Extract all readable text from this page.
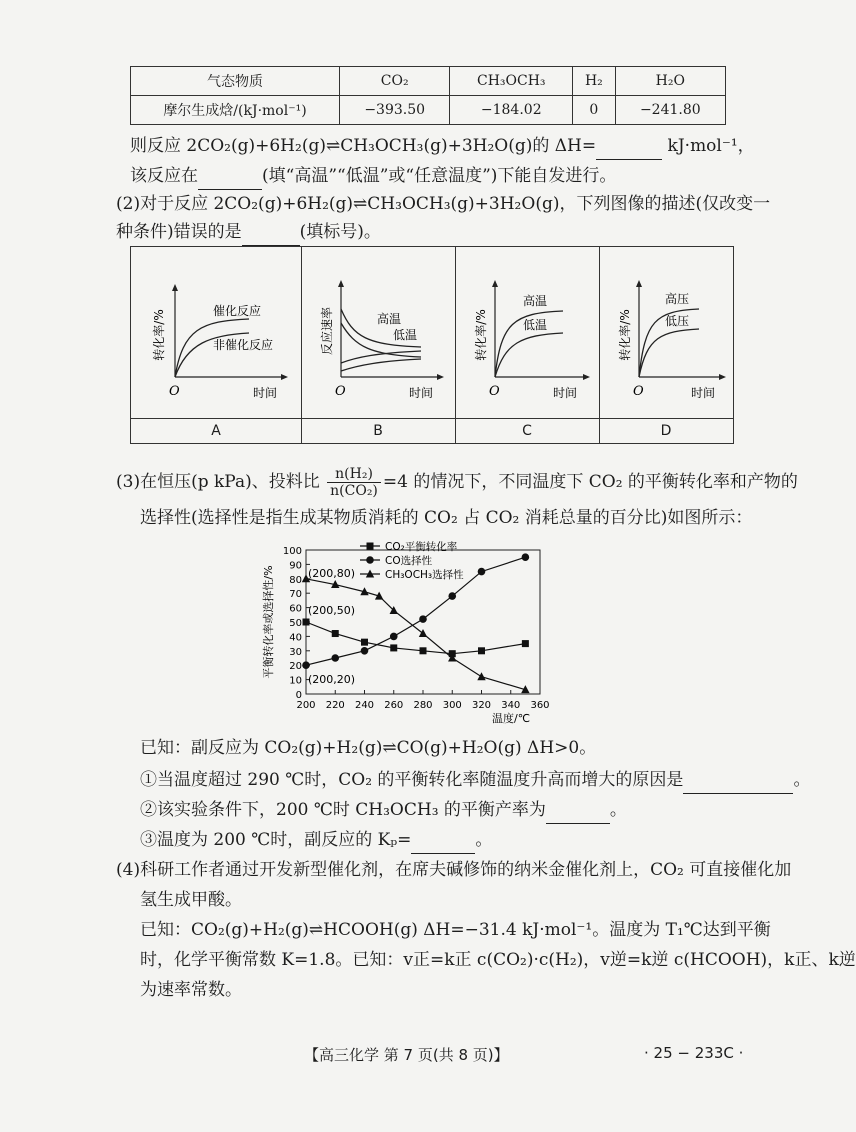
气态物质	CO₂	CH₃OCH₃	H₂	H₂O
摩尔生成焓/(kJ·mol⁻¹)	−393.50	−184.02	0	−241.80
则反应 2CO₂(g)+6H₂(g)⇌CH₃OCH₃(g)+3H₂O(g)的 ΔH=	kJ·mol⁻¹，
该反应在	(填“高温”“低温”或“任意温度”)下能自发进行。
(2)对于反应 2CO₂(g)+6H₂(g)⇌CH₃OCH₃(g)+3H₂O(g)，下列图像的描述(仅改变一
种条件)错误的是	(填标号)。
转化率/%
时间
O
催化反应
非催化反应
A
反应速率
时间
O
高温
低温
B
转化率/%
时间
O
高温
低温
C
转化率/%
时间
O
高压
低压
D
(3)在恒压(p kPa)、投料比 $\frac{\text{n(H₂)}}{\text{n(CO₂)}} =4$ 的情况下，不同温度下 CO₂ 的平衡转化率和产物的
选择性(选择性是指生成某物质消耗的 CO₂ 占 CO₂ 消耗总量的百分比)如图所示：
0
10
20
30
40
50
60
70
80
90
100
200 220 240 260 280 300 320 340 360
CO₂平衡转化率
CO选择性
CH₃OCH₃选择性
平衡转化率或选择性/%
温度/℃
(200,80)
(200,50)
(200,20)
已知：副反应为 CO₂(g)+H₂(g)⇌CO(g)+H₂O(g) ΔH>0。
①当温度超过 290 ℃时，CO₂ 的平衡转化率随温度升高而增大的原因是	。
②该实验条件下，200 ℃时 CH₃OCH₃ 的平衡产率为	。
③温度为 200 ℃时，副反应的 Kₚ=	。
(4)科研工作者通过开发新型催化剂，在席夫碱修饰的纳米金催化剂上，CO₂ 可直接催化加
氢生成甲酸。
已知：CO₂(g)+H₂(g)⇌HCOOH(g) ΔH=−31.4 kJ·mol⁻¹。温度为 T₁℃达到平衡
时，化学平衡常数 K=1.8。已知：v正=k正 c(CO₂)·c(H₂)，v逆=k逆 c(HCOOH)，k正、k逆
为速率常数。
【高三化学 第 7 页(共 8 页)】	· 25 − 233C ·
